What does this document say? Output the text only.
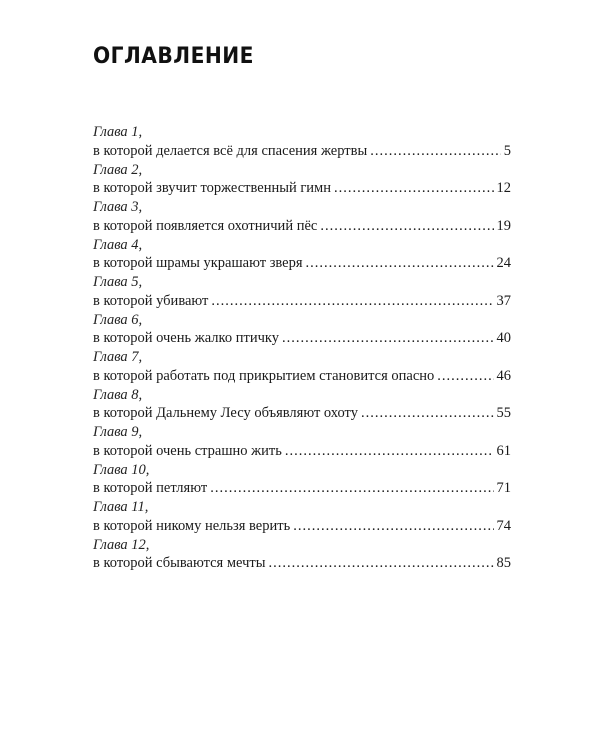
ОГЛАВЛЕНИЕ
Глава 1,
в которой делается всё для спасения жертвы .....	5
Глава 2,
в которой звучит торжественный гимн .....	12
Глава 3,
в которой появляется охотничий пёс .....	19
Глава 4,
в которой шрамы украшают зверя .....	24
Глава 5,
в которой убивают .....	37
Глава 6,
в которой очень жалко птичку .....	40
Глава 7,
в которой работать под прикрытием становится опасно .....	46
Глава 8,
в которой Дальнему Лесу объявляют охоту .....	55
Глава 9,
в которой очень страшно жить .....	61
Глава 10,
в которой петляют .....	71
Глава 11,
в которой никому нельзя верить .....	74
Глава 12,
в которой сбываются мечты .....	85
